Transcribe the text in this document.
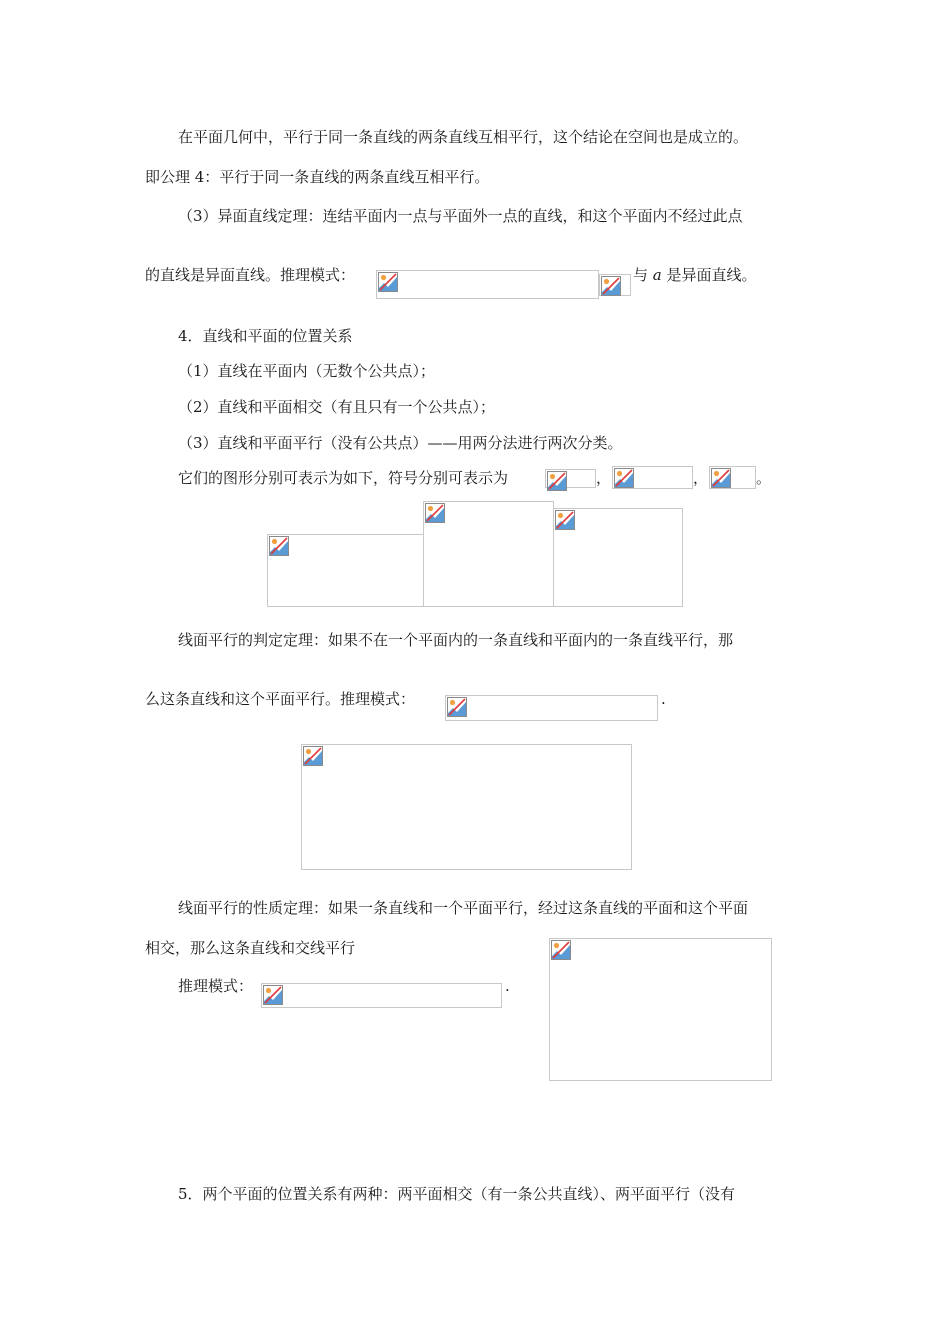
在平面几何中，平行于同一条直线的两条直线互相平行，这个结论在空间也是成立的。
即公理 4：平行于同一条直线的两条直线互相平行。
（3）异面直线定理：连结平面内一点与平面外一点的直线，和这个平面内不经过此点
的直线是异面直线。推理模式：	与 a 是异面直线。
4．直线和平面的位置关系
（1）直线在平面内（无数个公共点）；
（2）直线和平面相交（有且只有一个公共点）；
（3）直线和平面平行（没有公共点）——用两分法进行两次分类。
它们的图形分别可表示为如下，符号分别可表示为	，	，	。
线面平行的判定定理：如果不在一个平面内的一条直线和平面内的一条直线平行，那
么这条直线和这个平面平行。推理模式：	.
线面平行的性质定理：如果一条直线和一个平面平行，经过这条直线的平面和这个平面
相交，那么这条直线和交线平行
推理模式：	.
5．两个平面的位置关系有两种：两平面相交（有一条公共直线）、两平面平行（没有
